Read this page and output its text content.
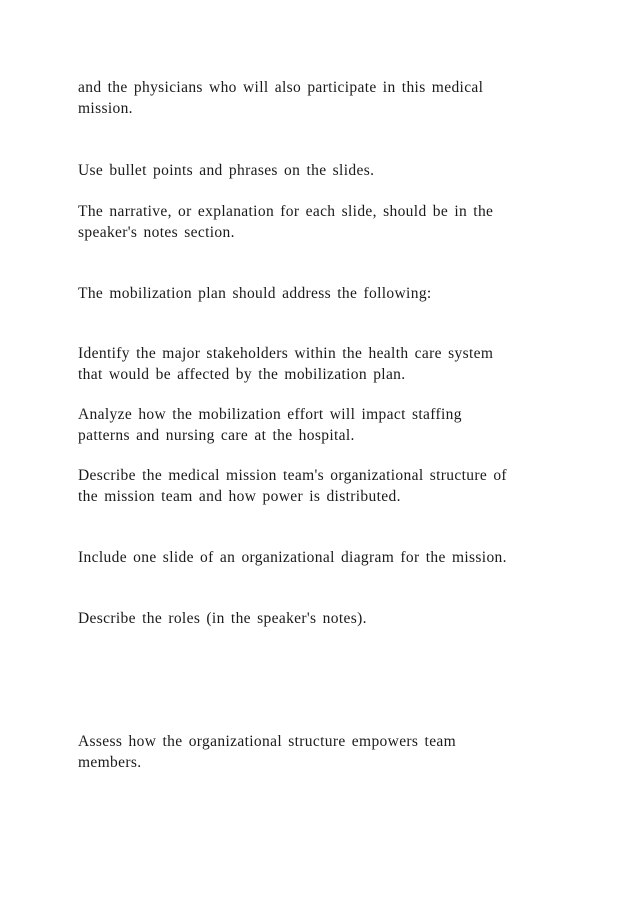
and the physicians who will also participate in this medical
mission.

Use bullet points and phrases on the slides.

The narrative, or explanation for each slide, should be in the
speaker's notes section.

The mobilization plan should address the following:

Identify the major stakeholders within the health care system
that would be affected by the mobilization plan.

Analyze how the mobilization effort will impact staffing
patterns and nursing care at the hospital.

Describe the medical mission team's organizational structure of
the mission team and how power is distributed.

Include one slide of an organizational diagram for the mission.

Describe the roles (in the speaker's notes).

Assess how the organizational structure empowers team
members.
